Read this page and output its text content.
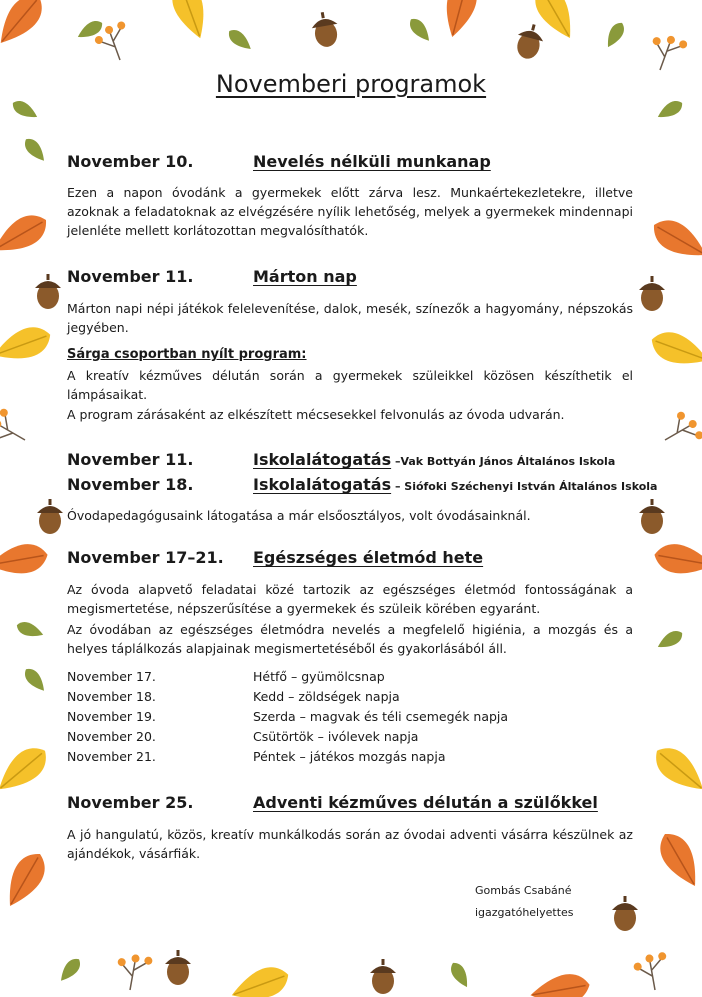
Novemberi programok
November 10.	Nevelés nélküli munkanap
Ezen a napon óvodánk a gyermekek előtt zárva lesz. Munkaértekezletekre, illetve azoknak a feladatoknak az elvégzésére nyílik lehetőség, melyek a gyermekek mindennapi jelenléte mellett korlátozottan megvalósíthatók.
November 11.	Márton nap
Márton napi népi játékok felelevenítése, dalok, mesék, színezők a hagyomány, népszokás jegyében.
Sárga csoportban nyílt program:
A kreatív kézműves délután során a gyermekek szüleikkel közösen készíthetik el lámpásaikat.
A program zárásaként az elkészített mécsesekkel felvonulás az óvoda udvarán.
November 11.	Iskolalátogatás –Vak Bottyán János Általános Iskola
November 18.	Iskolalátogatás – Siófoki Széchenyi István Általános Iskola
Óvodapedagógusaink látogatása a már elsőosztályos, volt óvodásainknál.
November 17–21. Egészséges életmód hete
Az óvoda alapvető feladatai közé tartozik az egészséges életmód fontosságának a megismertetése, népszerűsítése a gyermekek és szüleik körében egyaránt.
Az óvodában az egészséges életmódra nevelés a megfelelő higiénia, a mozgás és a helyes táplálkozás alapjainak megismertetéséből és gyakorlásából áll.
November 17.	Hétfő – gyümölcsnap
November 18.	Kedd – zöldségek napja
November 19.	Szerda – magvak és téli csemegék napja
November 20.	Csütörtök – ivólevek napja
November 21.	Péntek – játékos mozgás napja
November 25.	Adventi kézműves délután a szülőkkel
A jó hangulatú, közös, kreatív munkálkodás során az óvodai adventi vásárra készülnek az ajándékok, vásárfiák.
Gombás Csabáné
igazgatóhelyettes
